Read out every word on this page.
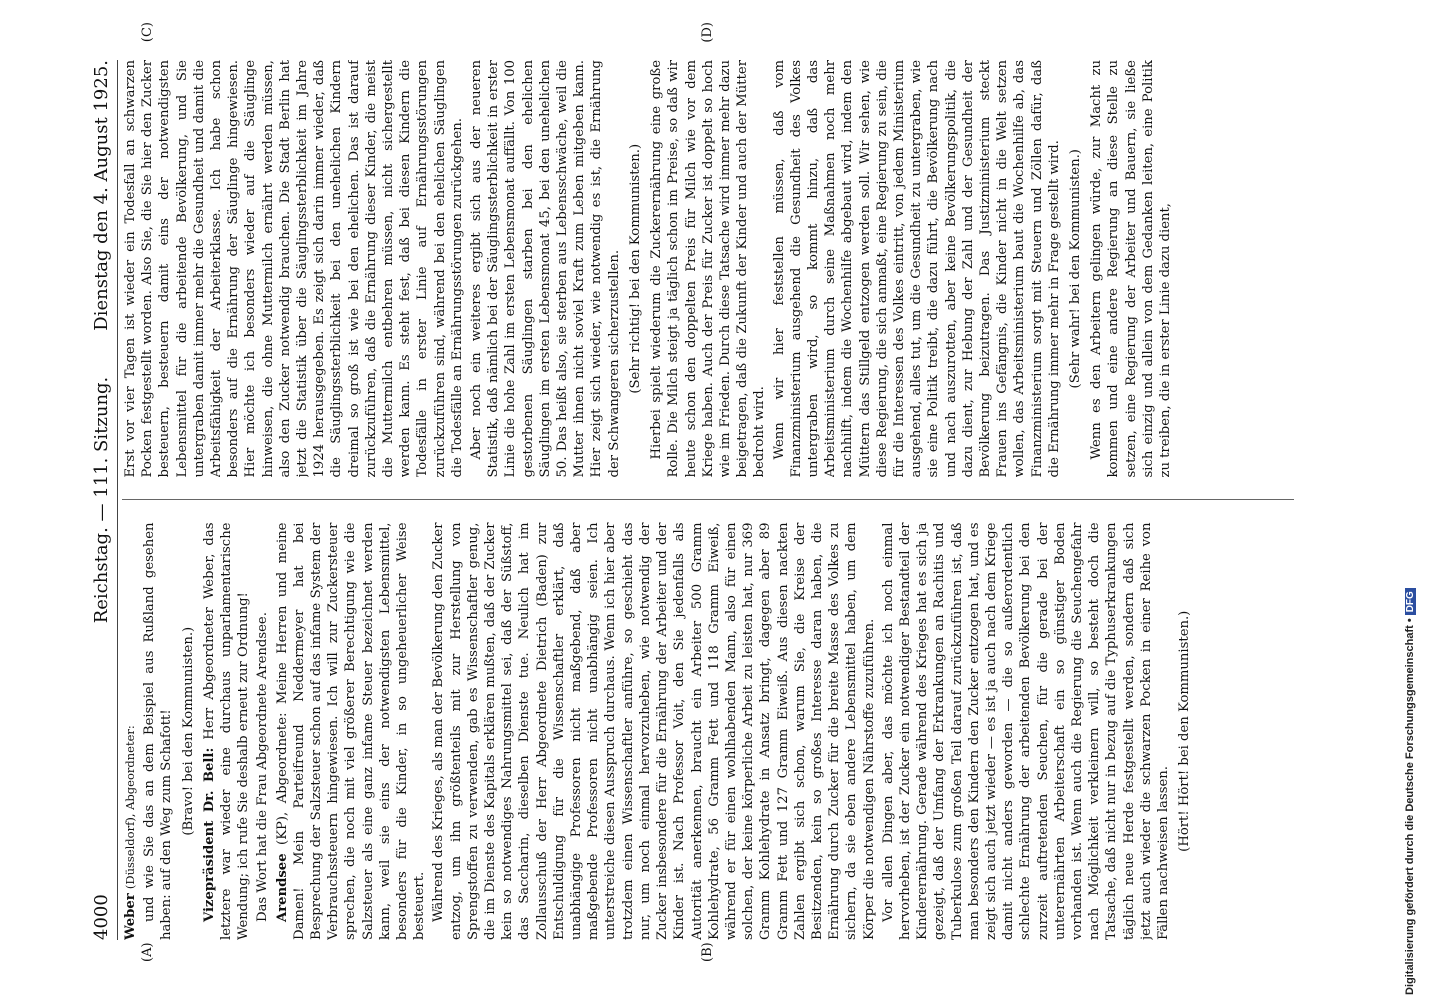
4000
Reichstag. — 111. Sitzung.
Dienstag den 4. August 1925.
(A)	(B)
(C)	(D)

Weber (Düsseldorf), Abgeordneter: und wie Sie das an dem Beispiel aus Rußland gesehen haben: auf den Weg zum Schafott! (Bravo! bei den Kommunisten.) Vizepräsident Dr. Bell: Herr Abgeordneter Weber, das letztere war wieder eine durchaus unparlamentarische Wendung; ich rufe Sie deshalb erneut zur Ordnung! Das Wort hat die Frau Abgeordnete Arendsee. Arendsee (KP), Abgeordnete: Meine Herren und meine Damen! Mein Parteifreund Neddermeyer hat bei Besprechung der Salzsteuer schon auf das infame System der Verbrauchssteuern hingewiesen. Ich will zur Zuckersteuer sprechen, die noch mit viel größerer Berechtigung wie die Salzsteuer als eine ganz infame Steuer bezeichnet werden kann, weil sie eins der notwendigsten Lebensmittel, besonders für die Kinder, in so ungeheuerlicher Weise besteuert. Während des Krieges, als man der Bevölkerung den Zucker entzog, um ihn größtenteils mit zur Herstellung von Sprengstoffen zu verwenden, gab es Wissenschaftler genug, die im Dienste des Kapitals erklären mußten, daß der Zucker kein so notwendiges Nahrungsmittel sei, daß der Süßstoff, das Saccharin, dieselben Dienste tue. Neulich hat im Zollausschuß der Herr Abgeordnete Dietrich (Baden) zur Entschuldigung für die Wissenschaftler erklärt, daß unabhängige Professoren nicht maßgebend, daß aber maßgebende Professoren nicht unabhängig seien. Ich unterstreiche diesen Ausspruch durchaus. Wenn ich hier aber trotzdem einen Wissenschaftler anführe, so geschieht das nur, um noch einmal hervorzuheben, wie notwendig der Zucker insbesondere für die Ernährung der Arbeiter und der Kinder ist. Nach Professor Voit, den Sie jedenfalls als Autorität anerkennen, braucht ein Arbeiter 500 Gramm Kohlehydrate, 56 Gramm Fett und 118 Gramm Eiweiß, während er für einen wohlhabenden Mann, also für einen solchen, der keine körperliche Arbeit zu leisten hat, nur 369 Gramm Kohlehydrate in Ansatz bringt, dagegen aber 89 Gramm Fett und 127 Gramm Eiweiß. Aus diesen nackten Zahlen ergibt sich schon, warum Sie, die Kreise der Besitzenden, kein so großes Interesse daran haben, die Ernährung durch Zucker für die breite Masse des Volkes zu sichern, da sie eben andere Lebensmittel haben, um dem Körper die notwendigen Nährstoffe zuzuführen. Vor allen Dingen aber, das möchte ich noch einmal hervorheben, ist der Zucker ein notwendiger Bestandteil der Kinderernährung. Gerade während des Krieges hat es sich ja gezeigt, daß der Umfang der Erkrankungen an Rachitis und Tuberkulose zum großen Teil darauf zurückzuführen ist, daß man besonders den Kindern den Zucker entzogen hat, und es zeigt sich auch jetzt wieder — es ist ja auch nach dem Kriege damit nicht anders geworden — die so außerordentlich schlechte Ernährung der arbeitenden Bevölkerung bei den zurzeit auftretenden Seuchen, für die gerade bei der unterernährten Arbeiterschaft ein so günstiger Boden vorhanden ist. Wenn auch die Regierung die Seuchengefahr nach Möglichkeit verkleinern will, so besteht doch die Tatsache, daß nicht nur in bezug auf die Typhuserkrankungen täglich neue Herde festgestellt werden, sondern daß sich jetzt auch wieder die schwarzen Pocken in einer Reihe von Fällen nachweisen lassen.

(Hört! Hört! bei den Kommunisten.)

Erst vor vier Tagen ist wieder ein Todesfall an schwarzen Pocken festgestellt worden. Also Sie, die Sie hier den Zucker besteuern, besteuern damit eins der notwendigsten Lebensmittel für die arbeitende Bevölkerung, und Sie untergraben damit immer mehr die Gesundheit und damit die Arbeitsfähigkeit der Arbeiterklasse. Ich habe schon besonders auf die Ernährung der Säuglinge hingewiesen. Hier möchte ich besonders wieder auf die Säuglinge hinweisen, die ohne Muttermilch ernährt werden müssen, also den Zucker notwendig brauchen. Die Stadt Berlin hat jetzt die Statistik über die Säuglingssterblichkeit im Jahre 1924 herausgegeben. Es zeigt sich darin immer wieder, daß die Säuglingssterblichkeit bei den unehelichen Kindern dreimal so groß ist wie bei den ehelichen. Das ist darauf zurückzuführen, daß die Ernährung dieser Kinder, die meist die Muttermilch entbehren müssen, nicht sichergestellt werden kann. Es steht fest, daß bei diesen Kindern die Todesfälle in erster Linie auf Ernährungsstörungen zurückzuführen sind, während bei den ehelichen Säuglingen die Todesfälle an Ernährungsstörungen zurückgehen. Aber noch ein weiteres ergibt sich aus der neueren Statistik, daß nämlich bei der Säuglingssterblichkeit in erster Linie die hohe Zahl im ersten Lebensmonat auffällt. Von 100 gestorbenen Säuglingen starben bei den ehelichen Säuglingen im ersten Lebensmonat 45, bei den unehelichen 50. Das heißt also, sie sterben aus Lebensschwäche, weil die Mutter ihnen nicht soviel Kraft zum Leben mitgeben kann. Hier zeigt sich wieder, wie notwendig es ist, die Ernährung der Schwangeren sicherzustellen. (Sehr richtig! bei den Kommunisten.) Hierbei spielt wiederum die Zuckerernährung eine große Rolle. Die Milch steigt ja täglich schon im Preise, so daß wir heute schon den doppelten Preis für Milch wie vor dem Kriege haben. Auch der Preis für Zucker ist doppelt so hoch wie im Frieden. Durch diese Tatsache wird immer mehr dazu beigetragen, daß die Zukunft der Kinder und auch der Mütter bedroht wird. Wenn wir hier feststellen müssen, daß vom Finanzministerium ausgehend die Gesundheit des Volkes untergraben wird, so kommt hinzu, daß das Arbeitsministerium durch seine Maßnahmen noch mehr nachhilft, indem die Wochenhilfe abgebaut wird, indem den Müttern das Stillgeld entzogen werden soll. Wir sehen, wie diese Regierung, die sich anmaßt, eine Regierung zu sein, die für die Interessen des Volkes eintritt, von jedem Ministerium ausgehend, alles tut, um die Gesundheit zu untergraben, wie sie eine Politik treibt, die dazu führt, die Bevölkerung nach und nach auszurotten, aber keine Bevölkerungspolitik, die dazu dient, zur Hebung der Zahl und der Gesundheit der Bevölkerung beizutragen. Das Justizministerium steckt Frauen ins Gefängnis, die Kinder nicht in die Welt setzen wollen, das Arbeitsministerium baut die Wochenhilfe ab, das Finanzministerium sorgt mit Steuern und Zöllen dafür, daß die Ernährung immer mehr in Frage gestellt wird. (Sehr wahr! bei den Kommunisten.) Wenn es den Arbeitern gelingen würde, zur Macht zu kommen und eine andere Regierung an diese Stelle zu setzen, eine Regierung der Arbeiter und Bauern, sie ließe sich einzig und allein von dem Gedanken leiten, eine Politik zu treiben, die in erster Linie dazu dient,

Digitalisierung gefördert durch die Deutsche Forschungsgemeinschaft •DFG
